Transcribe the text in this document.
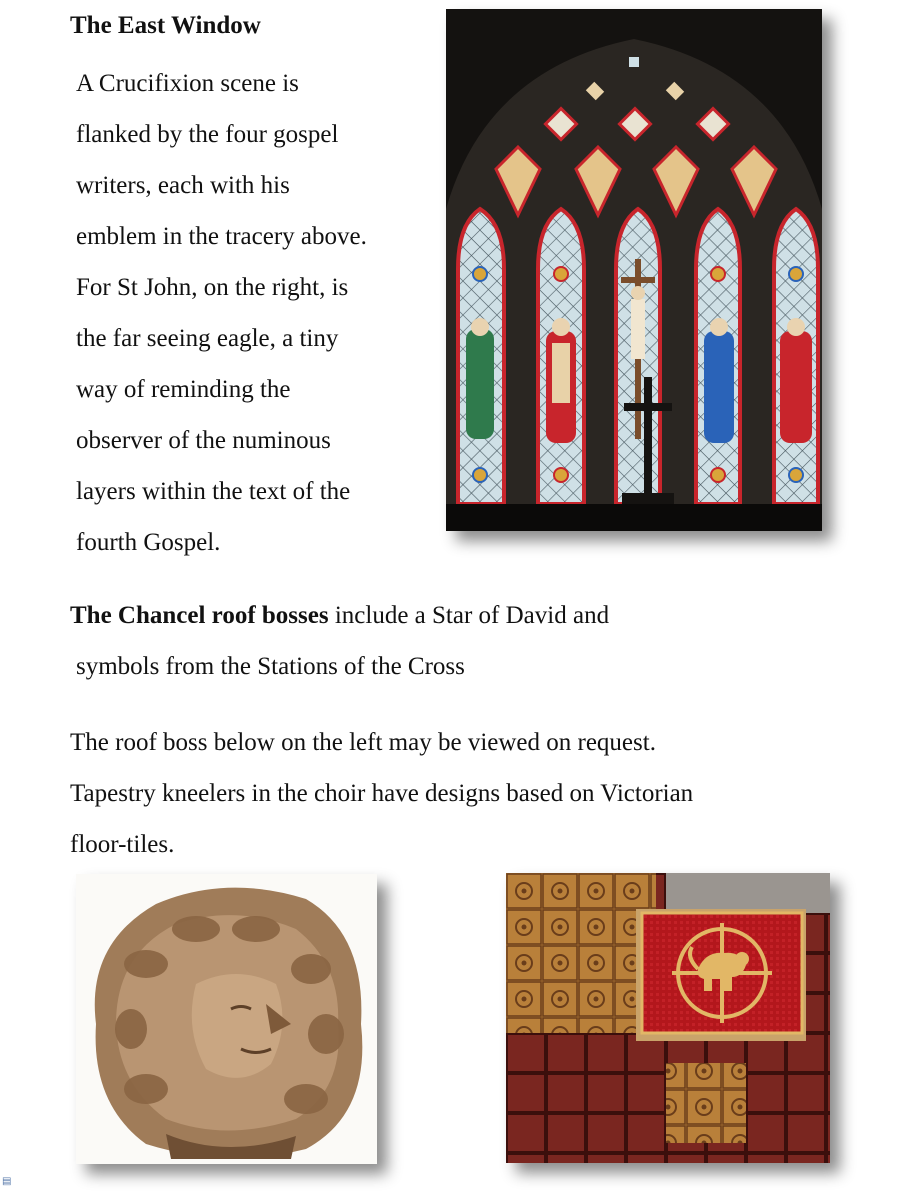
The East Window

A Crucifixion scene is
flanked by the four gospel
writers, each with his
emblem in the tracery above.
For St John, on the right, is
the far seeing eagle, a tiny
way of reminding the
observer of the numinous
layers within the text of the
fourth Gospel.

The Chancel roof bosses include a Star of David and
symbols from the Stations of the Cross

The roof boss below on the left may be viewed on request.
Tapestry kneelers in the choir have designs based on Victorian
floor-tiles.

▤
